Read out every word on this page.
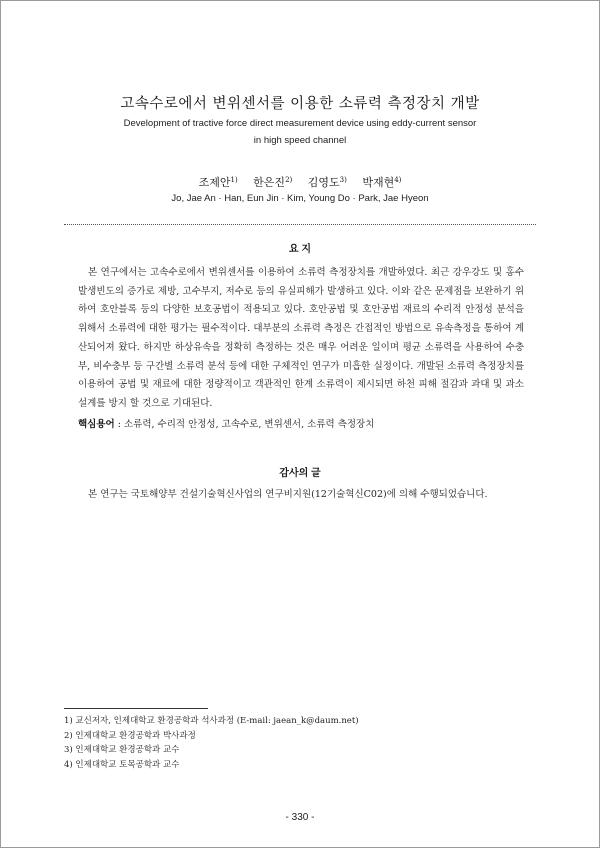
고속수로에서 변위센서를 이용한 소류력 측정장치 개발
Development of tractive force direct measurement device using eddy-current sensor
in high speed channel
조제안$^{1)}$ 한은진$^{2)}$ 김영도$^{3)}$ 박재현$^{4)}$
Jo, Jae An · Han, Eun Jin · Kim, Young Do · Park, Jae Hyeon
요 지

본 연구에서는 고속수로에서 변위센서를 이용하여 소류력 측정장치를 개발하였다. 최근 강우강도 및 홍수발생빈도의 증가로 제방, 고수부지, 저수로 등의 유실피해가 발생하고 있다. 이와 같은 문제점을 보완하기 위하여 호안블록 등의 다양한 보호공법이 적용되고 있다. 호안공법 및 호안공법 재료의 수리적 안정성 분석을 위해서 소류력에 대한 평가는 필수적이다. 대부분의 소류력 측정은 간접적인 방법으로 유속측정을 통하여 계산되어져 왔다. 하지만 하상유속을 정확히 측정하는 것은 매우 어려운 일이며 평균 소류력을 사용하여 수충부, 비수충부 등 구간별 소류력 분석 등에 대한 구체적인 연구가 미흡한 실정이다. 개발된 소류력 측정장치를 이용하여 공법 및 재료에 대한 정량적이고 객관적인 한계 소류력이 제시되면 하천 피해 절감과 과대 및 과소 설계를 방지 할 것으로 기대된다.

핵심용어 : 소류력, 수리적 안정성, 고속수로, 변위센서, 소류력 측정장치
감사의 글
본 연구는 국토해양부 건설기술혁신사업의 연구비지원(12기술혁신C02)에 의해 수행되었습니다.
1) 교신저자, 인제대학교 환경공학과 석사과정 (E-mail: jaean_k@daum.net)
2) 인제대학교 환경공학과 박사과정
3) 인제대학교 환경공학과 교수
4) 인제대학교 토목공학과 교수
- 330 -
